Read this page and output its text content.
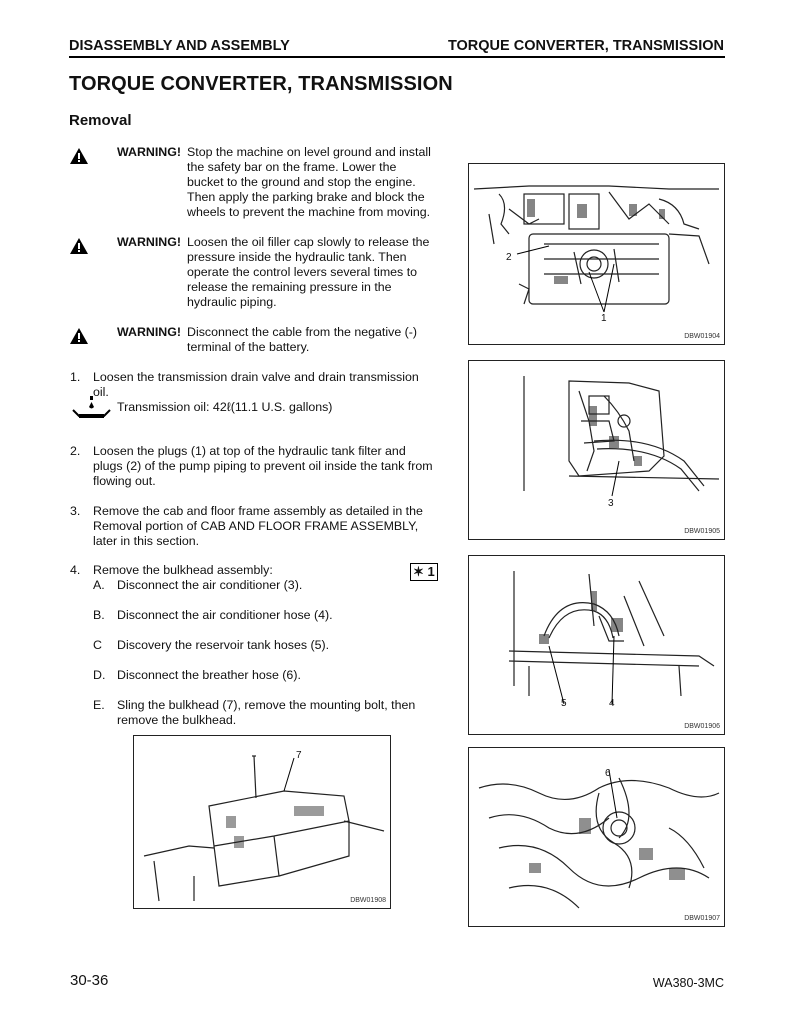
DISASSEMBLY AND ASSEMBLY	TORQUE CONVERTER, TRANSMISSION
TORQUE CONVERTER, TRANSMISSION
Removal
WARNING! Stop the machine on level ground and install
the safety bar on the frame. Lower the
bucket to the ground and stop the engine.
Then apply the parking brake and block the
wheels to prevent the machine from moving.
WARNING! Loosen the oil filler cap slowly to release the
pressure inside the hydraulic tank. Then
operate the control levers several times to
release the remaining pressure in the
hydraulic piping.
WARNING! Disconnect the cable from the negative (-)
terminal of the battery.
1. Loosen the transmission drain valve and drain transmission
oil.
Transmission oil: 42ℓ(11.1 U.S. gallons)
2. Loosen the plugs (1) at top of the hydraulic tank filter and
plugs (2) of the pump piping to prevent oil inside the tank from
flowing out.
3. Remove the cab and floor frame assembly as detailed in the
Removal portion of CAB AND FLOOR FRAME ASSEMBLY,
later in this section.
4. Remove the bulkhead assembly:	✶ 1
A. Disconnect the air conditioner (3).
B. Disconnect the air conditioner hose (4).
C Discovery the reservoir tank hoses (5).
D. Disconnect the breather hose (6).
E. Sling the bulkhead (7), remove the mounting bolt, then
remove the bulkhead.
2
1
DBW01904
3
DBW01905
5	4
DBW01906
6
DBW01907
7
DBW01908
30-36	WA380-3MC
